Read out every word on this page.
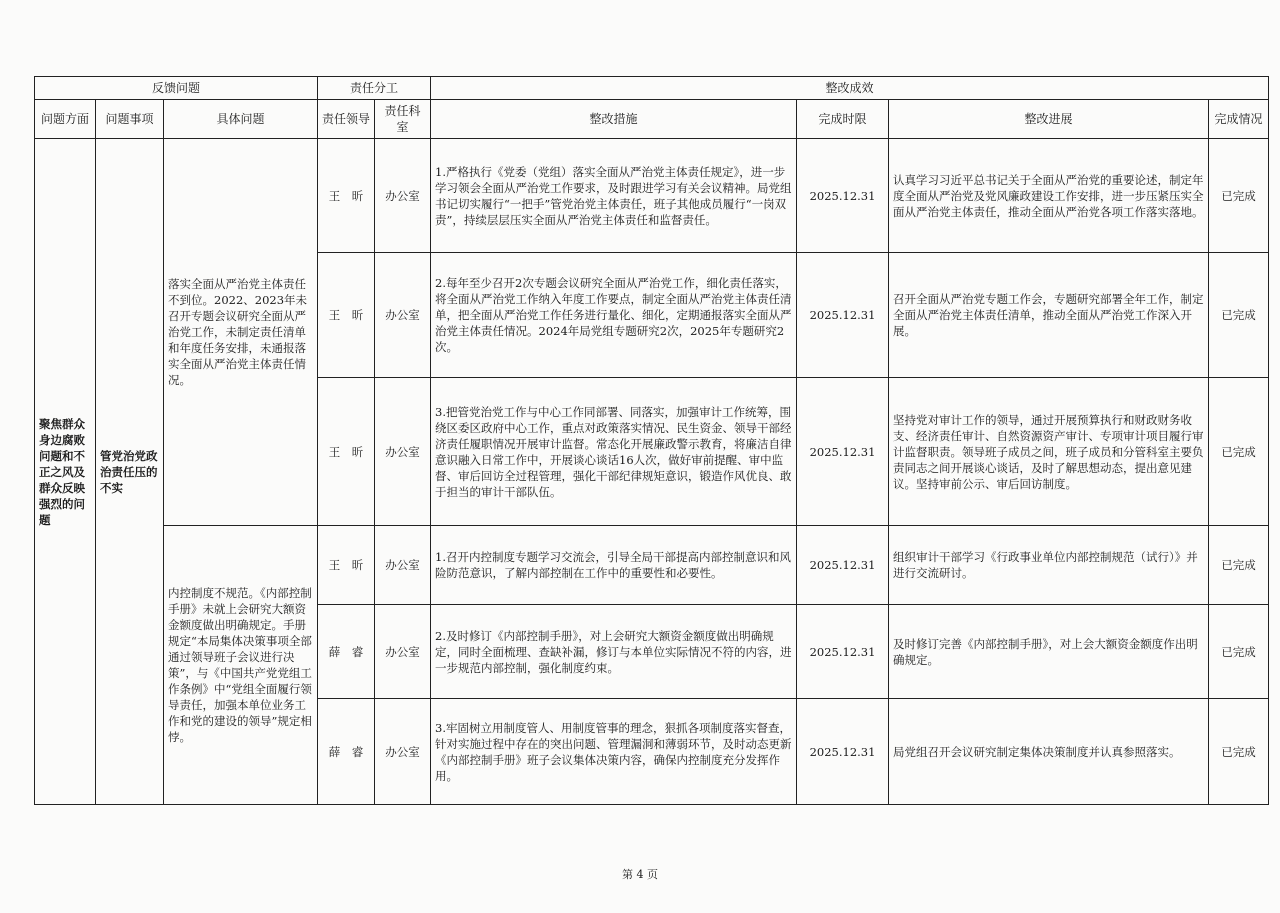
反馈问题			责任分工		整改成效			
问题方面	问题事项	具体问题	责任领导	责任科室	整改措施	完成时限	整改进展	完成情况
聚焦群众身边腐败问题和不正之风及群众反映强烈的问题	管党治党政治责任压的不实	落实全面从严治党主体责任不到位。2022、2023年未召开专题会议研究全面从严治党工作，未制定责任清单和年度任务安排，未通报落实全面从严治党主体责任情况。	王　昕	办公室	1.严格执行《党委（党组）落实全面从严治党主体责任规定》，进一步学习领会全面从严治党工作要求，及时跟进学习有关会议精神。局党组书记切实履行“一把手”管党治党主体责任，班子其他成员履行“一岗双责”，持续层层压实全面从严治党主体责任和监督责任。	2025.12.31	认真学习习近平总书记关于全面从严治党的重要论述，制定年度全面从严治党及党风廉政建设工作安排，进一步压紧压实全面从严治党主体责任，推动全面从严治党各项工作落实落地。	已完成
			王　昕	办公室	2.每年至少召开2次专题会议研究全面从严治党工作，细化责任落实，将全面从严治党工作纳入年度工作要点，制定全面从严治党主体责任清单，把全面从严治党工作任务进行量化、细化，定期通报落实全面从严治党主体责任情况。2024年局党组专题研究2次，2025年专题研究2次。	2025.12.31	召开全面从严治党专题工作会，专题研究部署全年工作，制定全面从严治党主体责任清单，推动全面从严治党工作深入开展。	已完成
			王　昕	办公室	3.把管党治党工作与中心工作同部署、同落实，加强审计工作统筹，围绕区委区政府中心工作，重点对政策落实情况、民生资金、领导干部经济责任履职情况开展审计监督。常态化开展廉政警示教育，将廉洁自律意识融入日常工作中，开展谈心谈话16人次，做好审前提醒、审中监督、审后回访全过程管理，强化干部纪律规矩意识，锻造作风优良、敢于担当的审计干部队伍。	2025.12.31	坚持党对审计工作的领导，通过开展预算执行和财政财务收支、经济责任审计、自然资源资产审计、专项审计项目履行审计监督职责。领导班子成员之间，班子成员和分管科室主要负责同志之间开展谈心谈话，及时了解思想动态，提出意见建议。坚持审前公示、审后回访制度。	已完成
		内控制度不规范。《内部控制手册》未就上会研究大额资金额度做出明确规定。手册规定“本局集体决策事项全部通过领导班子会议进行决策”，与《中国共产党党组工作条例》中“党组全面履行领导责任，加强本单位业务工作和党的建设的领导”规定相悖。	王　昕	办公室	1.召开内控制度专题学习交流会，引导全局干部提高内部控制意识和风险防范意识，了解内部控制在工作中的重要性和必要性。	2025.12.31	组织审计干部学习《行政事业单位内部控制规范（试行）》并进行交流研讨。	已完成
			薛　睿	办公室	2.及时修订《内部控制手册》，对上会研究大额资金额度做出明确规定，同时全面梳理、查缺补漏，修订与本单位实际情况不符的内容，进一步规范内部控制，强化制度约束。	2025.12.31	及时修订完善《内部控制手册》，对上会大额资金额度作出明确规定。	已完成
			薛　睿	办公室	3.牢固树立用制度管人、用制度管事的理念，狠抓各项制度落实督查，针对实施过程中存在的突出问题、管理漏洞和薄弱环节，及时动态更新《内部控制手册》班子会议集体决策内容，确保内控制度充分发挥作用。	2025.12.31	局党组召开会议研究制定集体决策制度并认真参照落实。	已完成
第 4 页
